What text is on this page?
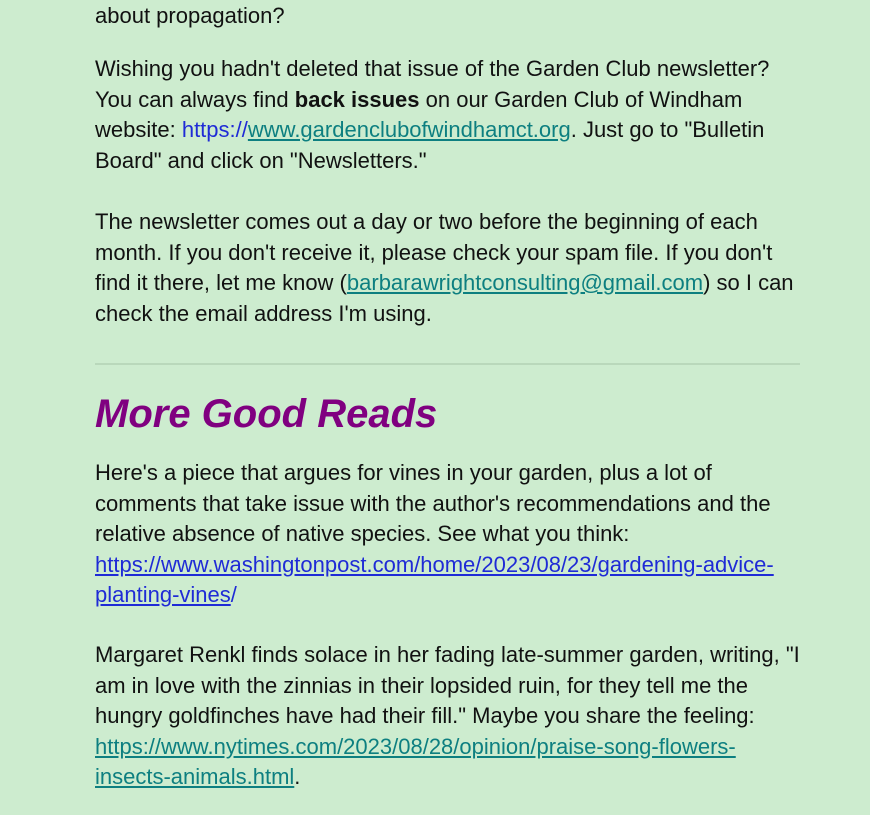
about propagation?

Wishing you hadn't deleted that issue of the Garden Club newsletter?
You can always find back issues on our Garden Club of Windham website: https://www.gardenclubofwindhamct.org. Just go to "Bulletin Board" and click on "Newsletters."

The newsletter comes out a day or two before the beginning of each month. If you don't receive it, please check your spam file. If you don't find it there, let me know (barbarawrightconsulting@gmail.com) so I can check the email address I'm using.

More Good Reads

Here's a piece that argues for vines in your garden, plus a lot of comments that take issue with the author's recommendations and the relative absence of native species. See what you think:
https://www.washingtonpost.com/home/2023/08/23/gardening-advice-
planting-vines/

Margaret Renkl finds solace in her fading late-summer garden, writing, "I am in love with the zinnias in their lopsided ruin, for they tell me the hungry goldfinches have had their fill." Maybe you share the feeling:
https://www.nytimes.com/2023/08/28/opinion/praise-song-flowers-
insects-animals.html.
